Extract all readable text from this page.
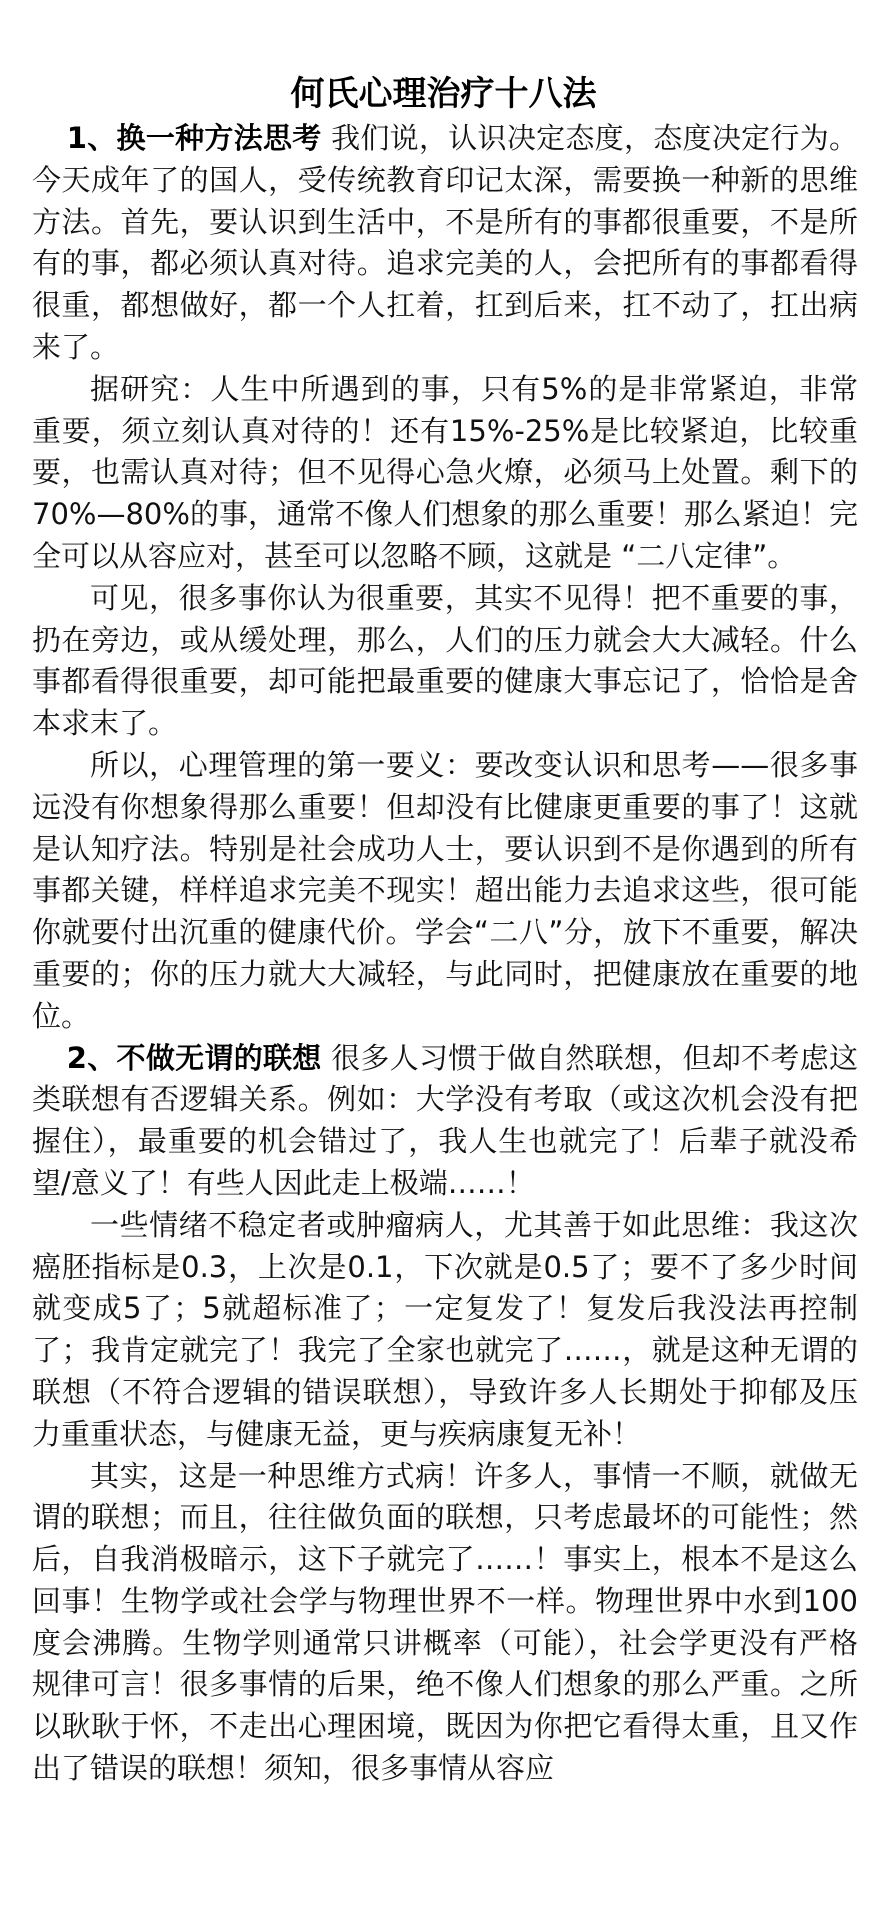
何氏心理治疗十八法

1、换一种方法思考 我们说，认识决定态度，态度决定行为。今天成年了的国人，受传统教育印记太深，需要换一种新的思维方法。首先，要认识到生活中，不是所有的事都很重要，不是所有的事，都必须认真对待。追求完美的人，会把所有的事都看得很重，都想做好，都一个人扛着，扛到后来，扛不动了，扛出病来了。

据研究：人生中所遇到的事，只有5%的是非常紧迫，非常重要，须立刻认真对待的！还有15%-25%是比较紧迫，比较重要，也需认真对待；但不见得心急火燎，必须马上处置。剩下的70%—80%的事，通常不像人们想象的那么重要！那么紧迫！完全可以从容应对，甚至可以忽略不顾，这就是 “二八定律”。

可见，很多事你认为很重要，其实不见得！把不重要的事，扔在旁边，或从缓处理，那么，人们的压力就会大大减轻。什么事都看得很重要，却可能把最重要的健康大事忘记了，恰恰是舍本求末了。

所以，心理管理的第一要义：要改变认识和思考——很多事远没有你想象得那么重要！但却没有比健康更重要的事了！这就是认知疗法。特别是社会成功人士，要认识到不是你遇到的所有事都关键，样样追求完美不现实！超出能力去追求这些，很可能你就要付出沉重的健康代价。学会“二八”分，放下不重要，解决重要的；你的压力就大大减轻，与此同时，把健康放在重要的地位。

2、不做无谓的联想 很多人习惯于做自然联想，但却不考虑这类联想有否逻辑关系。例如：大学没有考取（或这次机会没有把握住），最重要的机会错过了，我人生也就完了！后辈子就没希望/意义了！有些人因此走上极端……！

一些情绪不稳定者或肿瘤病人，尤其善于如此思维：我这次癌胚指标是0.3，上次是0.1，下次就是0.5了；要不了多少时间就变成5了；5就超标准了；一定复发了！复发后我没法再控制了；我肯定就完了！我完了全家也就完了……，就是这种无谓的联想（不符合逻辑的错误联想），导致许多人长期处于抑郁及压力重重状态，与健康无益，更与疾病康复无补！

其实，这是一种思维方式病！许多人，事情一不顺，就做无谓的联想；而且，往往做负面的联想，只考虑最坏的可能性；然后，自我消极暗示，这下子就完了……！事实上，根本不是这么回事！生物学或社会学与物理世界不一样。物理世界中水到100度会沸腾。生物学则通常只讲概率（可能），社会学更没有严格规律可言！很多事情的后果，绝不像人们想象的那么严重。之所以耿耿于怀，不走出心理困境，既因为你把它看得太重，且又作出了错误的联想！须知，很多事情从容应
